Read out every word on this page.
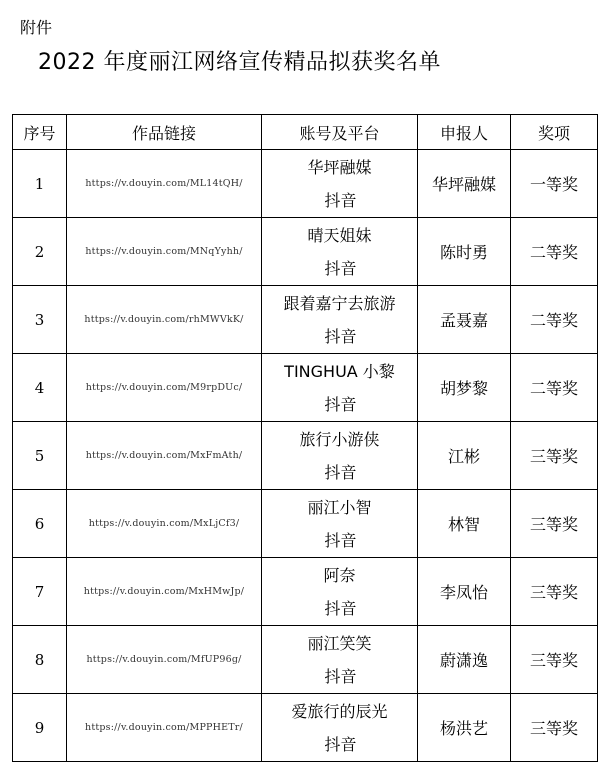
附件
2022 年度丽江网络宣传精品拟获奖名单
序号	作品链接	账号及平台	申报人	奖项
1	https://v.douyin.com/ML14tQH/	华坪融媒
抖音	华坪融媒	一等奖
2	https://v.douyin.com/MNqYyhh/	晴天姐妹
抖音	陈时勇	二等奖
3	https://v.douyin.com/rhMWVkK/	跟着嘉宁去旅游
抖音	孟聂嘉	二等奖
4	https://v.douyin.com/M9rpDUc/	TINGHUA 小黎
抖音	胡梦黎	二等奖
5	https://v.douyin.com/MxFmAth/	旅行小游侠
抖音	江彬	三等奖
6	https://v.douyin.com/MxLjCf3/	丽江小智
抖音	林智	三等奖
7	https://v.douyin.com/MxHMwJp/	阿奈
抖音	李凤怡	三等奖
8	https://v.douyin.com/MfUP96g/	丽江笑笑
抖音	蔚潇逸	三等奖
9	https://v.douyin.com/MPPHETr/	爱旅行的辰光
抖音	杨洪艺	三等奖
